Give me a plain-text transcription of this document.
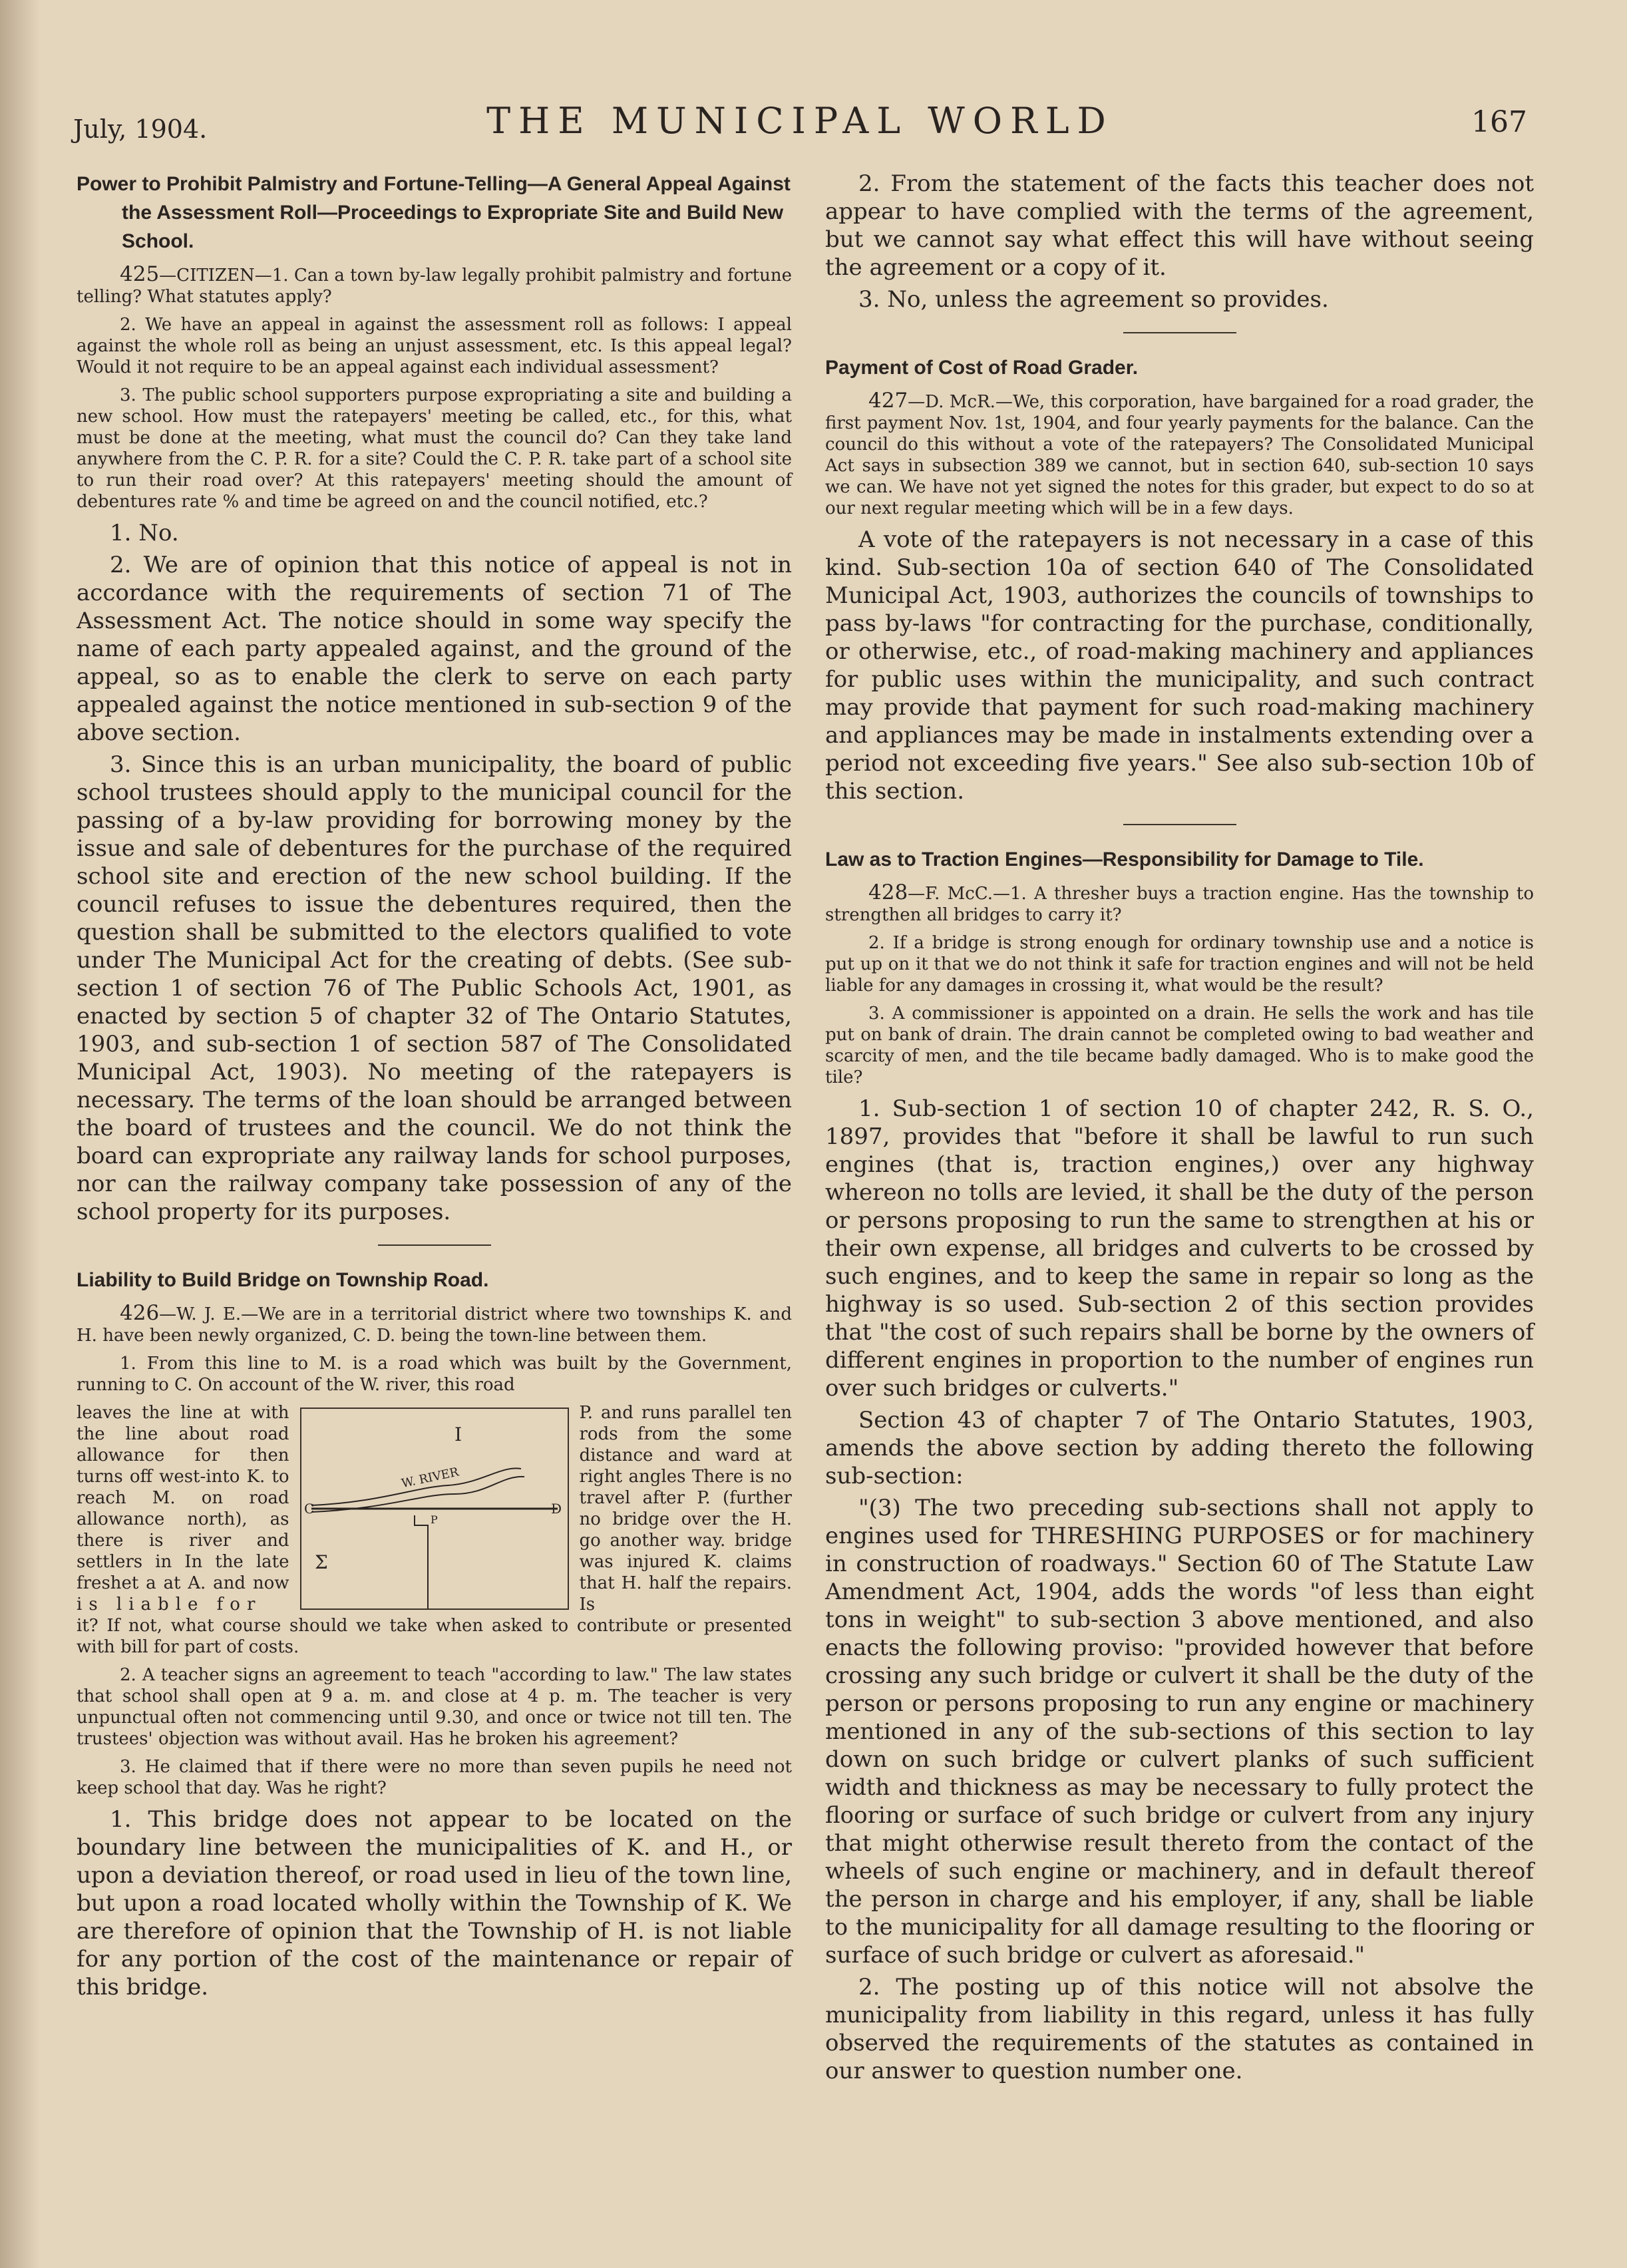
July, 1904.	THE MUNICIPAL WORLD	167
Power to Prohibit Palmistry and Fortune-Telling—A General Appeal Against the Assessment Roll—Proceedings to Expropriate Site and Build New School.

425—CITIZEN—1. Can a town by-law legally prohibit palmistry and fortune telling? What statutes apply?

2. We have an appeal in against the assessment roll as follows: I appeal against the whole roll as being an unjust assessment, etc. Is this appeal legal? Would it not require to be an appeal against each individual assessment?

3. The public school supporters purpose expropriating a site and building a new school. How must the ratepayers' meeting be called, etc., for this, what must be done at the meeting, what must the council do? Can they take land anywhere from the C. P. R. for a site? Could the C. P. R. take part of a school site to run their road over? At this ratepayers' meeting should the amount of debentures rate % and time be agreed on and the council notified, etc.?

1. No.

2. We are of opinion that this notice of appeal is not in accordance with the requirements of section 71 of The Assessment Act. The notice should in some way specify the name of each party appealed against, and the ground of the appeal, so as to enable the clerk to serve on each party appealed against the notice mentioned in sub-section 9 of the above section.

3. Since this is an urban municipality, the board of public school trustees should apply to the municipal council for the passing of a by-law providing for borrowing money by the issue and sale of debentures for the purchase of the required school site and erection of the new school building. If the council refuses to issue the debentures required, then the question shall be submitted to the electors qualified to vote under The Municipal Act for the creating of debts. (See sub-section 1 of section 76 of The Public Schools Act, 1901, as enacted by section 5 of chapter 32 of The Ontario Statutes, 1903, and sub-section 1 of section 587 of The Consolidated Municipal Act, 1903). No meeting of the ratepayers is necessary. The terms of the loan should be arranged between the board of trustees and the council. We do not think the board can expropriate any railway lands for school purposes, nor can the railway company take possession of any of the school property for its purposes.

Liability to Build Bridge on Township Road.

426—W. J. E.—We are in a territorial district where two townships K. and H. have been newly organized, C. D. being the town-line between them.

1. From this line to M. is a road which was built by the Government, running to C. On account of the W. river, this road

leaves the line at with the line about road allowance for then turns off west-into K. to reach M. on road allowance north), as there is river and settlers in In the late freshet a at A. and now is liable for
I
W. RIVER
C	D
P
Σ
P. and runs parallel ten rods from the some distance and ward at right angles There is no travel after P. (further no bridge over the H. go another way. bridge was injured K. claims that H. half the repairs. Is

it? If not, what course should we take when asked to contribute or presented with bill for part of costs.

2. A teacher signs an agreement to teach "according to law." The law states that school shall open at 9 a. m. and close at 4 p. m. The teacher is very unpunctual often not commencing until 9.30, and once or twice not till ten. The trustees' objection was without avail. Has he broken his agreement?

3. He claimed that if there were no more than seven pupils he need not keep school that day. Was he right?

1. This bridge does not appear to be located on the boundary line between the municipalities of K. and H., or upon a deviation thereof, or road used in lieu of the town line, but upon a road located wholly within the Township of K. We are therefore of opinion that the Township of H. is not liable for any portion of the cost of the maintenance or repair of this bridge.

2. From the statement of the facts this teacher does not appear to have complied with the terms of the agreement, but we cannot say what effect this will have without seeing the agreement or a copy of it.

3. No, unless the agreement so provides.

Payment of Cost of Road Grader.

427—D. McR.—We, this corporation, have bargained for a road grader, the first payment Nov. 1st, 1904, and four yearly payments for the balance. Can the council do this without a vote of the ratepayers? The Consolidated Municipal Act says in subsection 389 we cannot, but in section 640, sub-section 10 says we can. We have not yet signed the notes for this grader, but expect to do so at our next regular meeting which will be in a few days.

A vote of the ratepayers is not necessary in a case of this kind. Sub-section 10a of section 640 of The Consolidated Municipal Act, 1903, authorizes the councils of townships to pass by-laws "for contracting for the purchase, conditionally, or otherwise, etc., of road-making machinery and appliances for public uses within the municipality, and such contract may provide that payment for such road-making machinery and appliances may be made in instalments extending over a period not exceeding five years." See also sub-section 10b of this section.

Law as to Traction Engines—Responsibility for Damage to Tile.

428—F. McC.—1. A thresher buys a traction engine. Has the township to strengthen all bridges to carry it?

2. If a bridge is strong enough for ordinary township use and a notice is put up on it that we do not think it safe for traction engines and will not be held liable for any damages in crossing it, what would be the result?

3. A commissioner is appointed on a drain. He sells the work and has tile put on bank of drain. The drain cannot be completed owing to bad weather and scarcity of men, and the tile became badly damaged. Who is to make good the tile?

1. Sub-section 1 of section 10 of chapter 242, R. S. O., 1897, provides that "before it shall be lawful to run such engines (that is, traction engines,) over any highway whereon no tolls are levied, it shall be the duty of the person or persons proposing to run the same to strengthen at his or their own expense, all bridges and culverts to be crossed by such engines, and to keep the same in repair so long as the highway is so used. Sub-section 2 of this section provides that "the cost of such repairs shall be borne by the owners of different engines in proportion to the number of engines run over such bridges or culverts."

Section 43 of chapter 7 of The Ontario Statutes, 1903, amends the above section by adding thereto the following sub-section:

"(3) The two preceding sub-sections shall not apply to engines used for THRESHING PURPOSES or for machinery in construction of roadways." Section 60 of The Statute Law Amendment Act, 1904, adds the words "of less than eight tons in weight" to sub-section 3 above mentioned, and also enacts the following proviso: "provided however that before crossing any such bridge or culvert it shall be the duty of the person or persons proposing to run any engine or machinery mentioned in any of the sub-sections of this section to lay down on such bridge or culvert planks of such sufficient width and thickness as may be necessary to fully protect the flooring or surface of such bridge or culvert from any injury that might otherwise result thereto from the contact of the wheels of such engine or machinery, and in default thereof the person in charge and his employer, if any, shall be liable to the municipality for all damage resulting to the flooring or surface of such bridge or culvert as aforesaid."

2. The posting up of this notice will not absolve the municipality from liability in this regard, unless it has fully observed the requirements of the statutes as contained in our answer to question number one.
